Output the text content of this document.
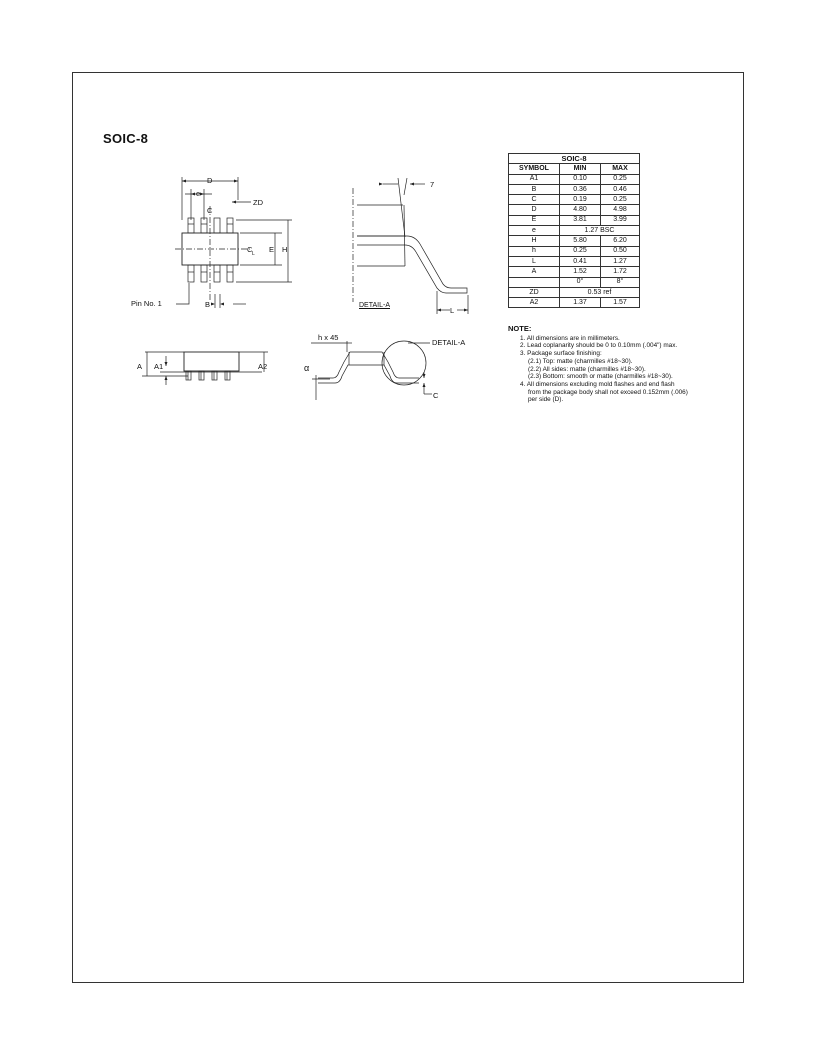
SOIC-8
D
e
ZD
C
C L E H
Pin No. 1	B
7
L
DETAIL-A
A1
A	A2
h x 45
DETAIL-A
α
C
SOIC-8		
SYMBOL	MIN	MAX
A1	0.10	0.25
B	0.36	0.46
C	0.19	0.25
D	4.80	4.98
E	3.81	3.99
e	1.27 BSC	
H	5.80	6.20
h	0.25	0.50
L	0.41	1.27
A	1.52	1.72
	0°	8°
ZD	0.53 ref	
A2	1.37	1.57
NOTE:
1. All dimensions are in millimeters.
2. Lead coplanarity should be 0 to 0.10mm (.004") max.
3. Package surface finishing:
(2.1) Top: matte (charmilles #18~30).
(2.2) All sides: matte (charmilles #18~30).
(2.3) Bottom: smooth or matte (charmilles #18~30).
4. All dimensions excluding mold flashes and end flash
from the package body shall not exceed 0.152mm (.006)
per side (D).
